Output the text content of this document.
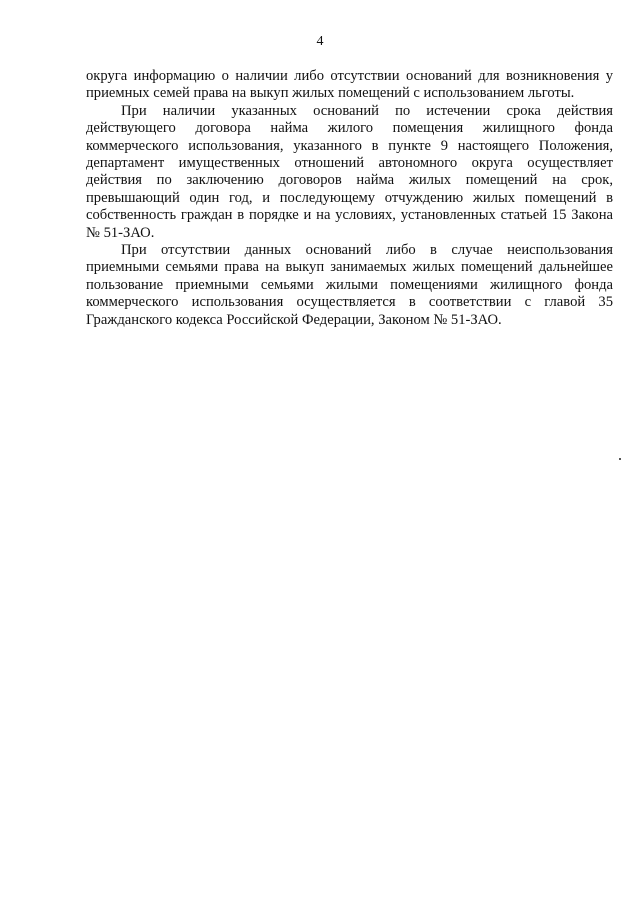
4

округа информацию о наличии либо отсутствии оснований для возникновения у приемных семей права на выкуп жилых помещений с использованием льготы.

При наличии указанных оснований по истечении срока действия действующего договора найма жилого помещения жилищного фонда коммерческого использования, указанного в пункте 9 настоящего Положения, департамент имущественных отношений автономного округа осуществляет действия по заключению договоров найма жилых помещений на срок, превышающий один год, и последующему отчуждению жилых помещений в собственность граждан в порядке и на условиях, установленных статьей 15 Закона № 51-ЗАО.

При отсутствии данных оснований либо в случае неиспользования приемными семьями права на выкуп занимаемых жилых помещений дальнейшее пользование приемными семьями жилыми помещениями жилищного фонда коммерческого использования осуществляется в соответствии с главой 35 Гражданского кодекса Российской Федерации, Законом № 51-ЗАО.
